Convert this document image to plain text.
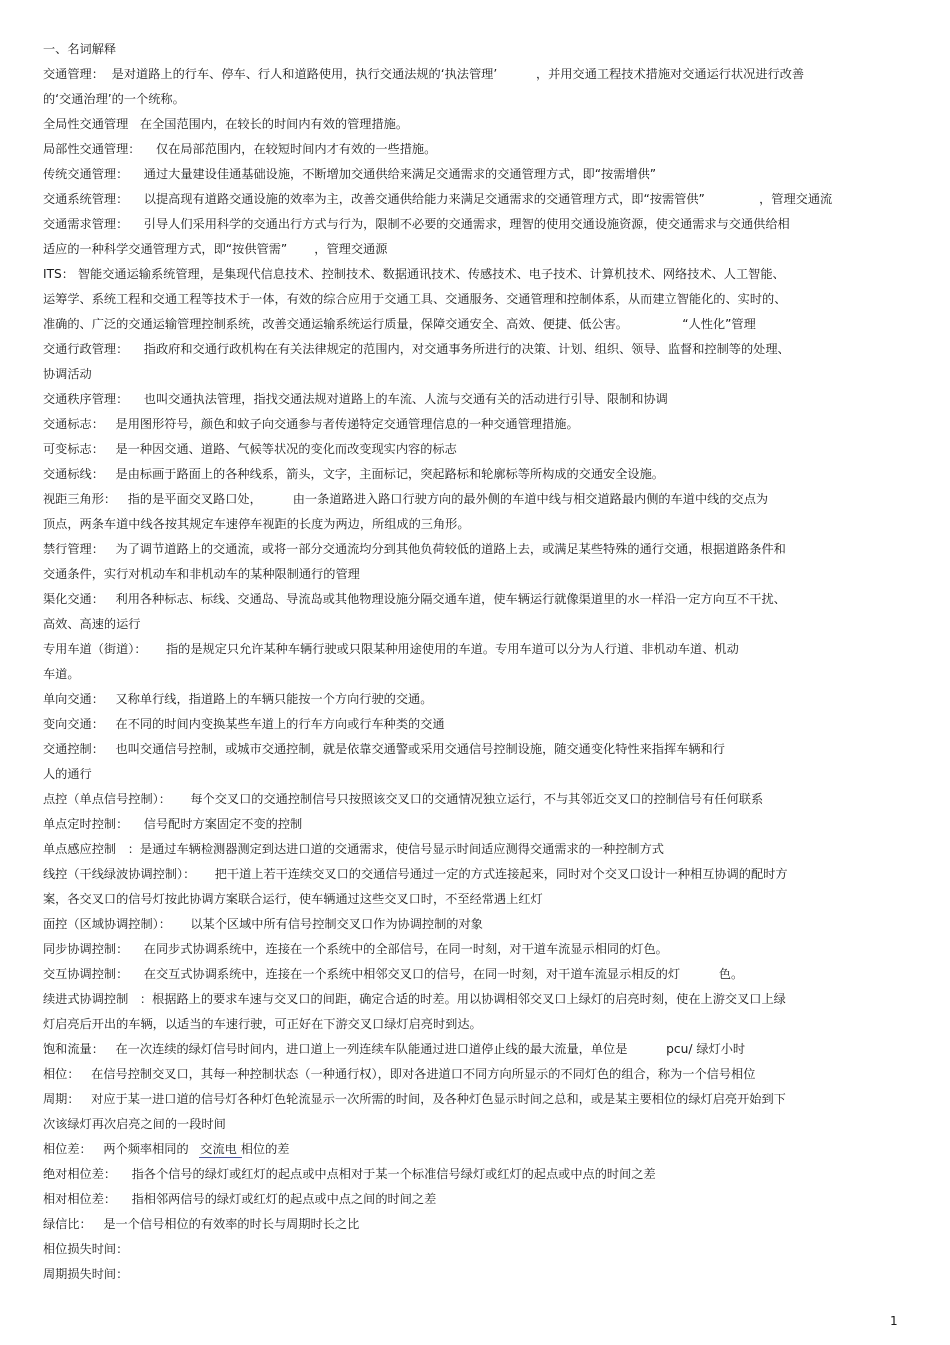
一、名词解释
交通管理：  是对道路上的行车、停车、行人和道路使用，执行交通法规的‘执法管理’          ，并用交通工程技术措施对交通运行状况进行改善
的‘交通治理’的一个统称。
全局性交通管理   在全国范围内，在较长的时间内有效的管理措施。
局部性交通管理：    仅在局部范围内，在较短时间内才有效的一些措施。
传统交通管理：    通过大量建设佳通基础设施，不断增加交通供给来满足交通需求的交通管理方式，即“按需增供”
交通系统管理：    以提高现有道路交通设施的效率为主，改善交通供给能力来满足交通需求的交通管理方式，即“按需管供”              ，管理交通流
交通需求管理：    引导人们采用科学的交通出行方式与行为，限制不必要的交通需求，理智的使用交通设施资源，使交通需求与交通供给相
适应的一种科学交通管理方式，即“按供管需”       ，管理交通源
ITS： 智能交通运输系统管理，是集现代信息技术、控制技术、数据通讯技术、传感技术、电子技术、计算机技术、网络技术、人工智能、
运筹学、系统工程和交通工程等技术于一体，有效的综合应用于交通工具、交通服务、交通管理和控制体系，从而建立智能化的、实时的、
准确的、广泛的交通运输管理控制系统，改善交通运输系统运行质量，保障交通安全、高效、便捷、低公害。              “人性化”管理
交通行政管理：    指政府和交通行政机构在有关法律规定的范围内，对交通事务所进行的决策、计划、组织、领导、监督和控制等的处理、
协调活动
交通秩序管理：    也叫交通执法管理，指找交通法规对道路上的车流、人流与交通有关的活动进行引导、限制和协调
交通标志：   是用图形符号，颜色和蚊子向交通参与者传递特定交通管理信息的一种交通管理措施。
可变标志：   是一种因交通、道路、气候等状况的变化而改变现实内容的标志
交通标线：   是由标画于路面上的各种线系，箭头，文字，主面标记，突起路标和轮廓标等所构成的交通安全设施。
视距三角形：   指的是平面交叉路口处，        由一条道路进入路口行驶方向的最外侧的车道中线与相交道路最内侧的车道中线的交点为
顶点，两条车道中线各按其规定车速停车视距的长度为两边，所组成的三角形。
禁行管理：   为了调节道路上的交通流，或将一部分交通流均分到其他负荷较低的道路上去，或满足某些特殊的通行交通，根据道路条件和
交通条件，实行对机动车和非机动车的某种限制通行的管理
渠化交通：   利用各种标志、标线、交通岛、导流岛或其他物理设施分隔交通车道，使车辆运行就像渠道里的水一样沿一定方向互不干扰、
高效、高速的运行
专用车道（街道）：     指的是规定只允许某种车辆行驶或只限某种用途使用的车道。专用车道可以分为人行道、非机动车道、机动
车道。
单向交通：   又称单行线，指道路上的车辆只能按一个方向行驶的交通。
变向交通：   在不同的时间内变换某些车道上的行车方向或行车种类的交通
交通控制：   也叫交通信号控制，或城市交通控制，就是依靠交通警或采用交通信号控制设施，随交通变化特性来指挥车辆和行
人的通行
点控（单点信号控制）：     每个交叉口的交通控制信号只按照该交叉口的交通情况独立运行，不与其邻近交叉口的控制信号有任何联系
单点定时控制：    信号配时方案固定不变的控制
单点感应控制   ：是通过车辆检测器测定到达进口道的交通需求，使信号显示时间适应测得交通需求的一种控制方式
线控（干线绿波协调控制）：     把干道上若干连续交叉口的交通信号通过一定的方式连接起来，同时对个交叉口设计一种相互协调的配时方
案，各交叉口的信号灯按此协调方案联合运行，使车辆通过这些交叉口时，不至经常遇上红灯
面控（区域协调控制）：     以某个区域中所有信号控制交叉口作为协调控制的对象
同步协调控制：    在同步式协调系统中，连接在一个系统中的全部信号，在同一时刻，对干道车流显示相同的灯色。
交互协调控制：    在交互式协调系统中，连接在一个系统中相邻交叉口的信号，在同一时刻，对干道车流显示相反的灯          色。
续进式协调控制   ：根据路上的要求车速与交叉口的间距，确定合适的时差。用以协调相邻交叉口上绿灯的启亮时刻，使在上游交叉口上绿
灯启亮后开出的车辆，以适当的车速行驶，可正好在下游交叉口绿灯启亮时到达。
饱和流量：   在一次连续的绿灯信号时间内，进口道上一列连续车队能通过进口道停止线的最大流量，单位是          pcu/ 绿灯小时
相位：   在信号控制交叉口，其每一种控制状态（一种通行权），即对各进道口不同方向所显示的不同灯色的组合，称为一个信号相位
周期：   对应于某一进口道的信号灯各种灯色轮流显示一次所需的时间，及各种灯色显示时间之总和，或是某主要相位的绿灯启亮开始到下
次该绿灯再次启亮之间的一段时间
相位差：   两个频率相同的   交流电 相位的差
绝对相位差：    指各个信号的绿灯或红灯的起点或中点相对于某一个标准信号绿灯或红灯的起点或中点的时间之差
相对相位差：    指相邻两信号的绿灯或红灯的起点或中点之间的时间之差
绿信比：   是一个信号相位的有效率的时长与周期时长之比
相位损失时间：
周期损失时间：
1
